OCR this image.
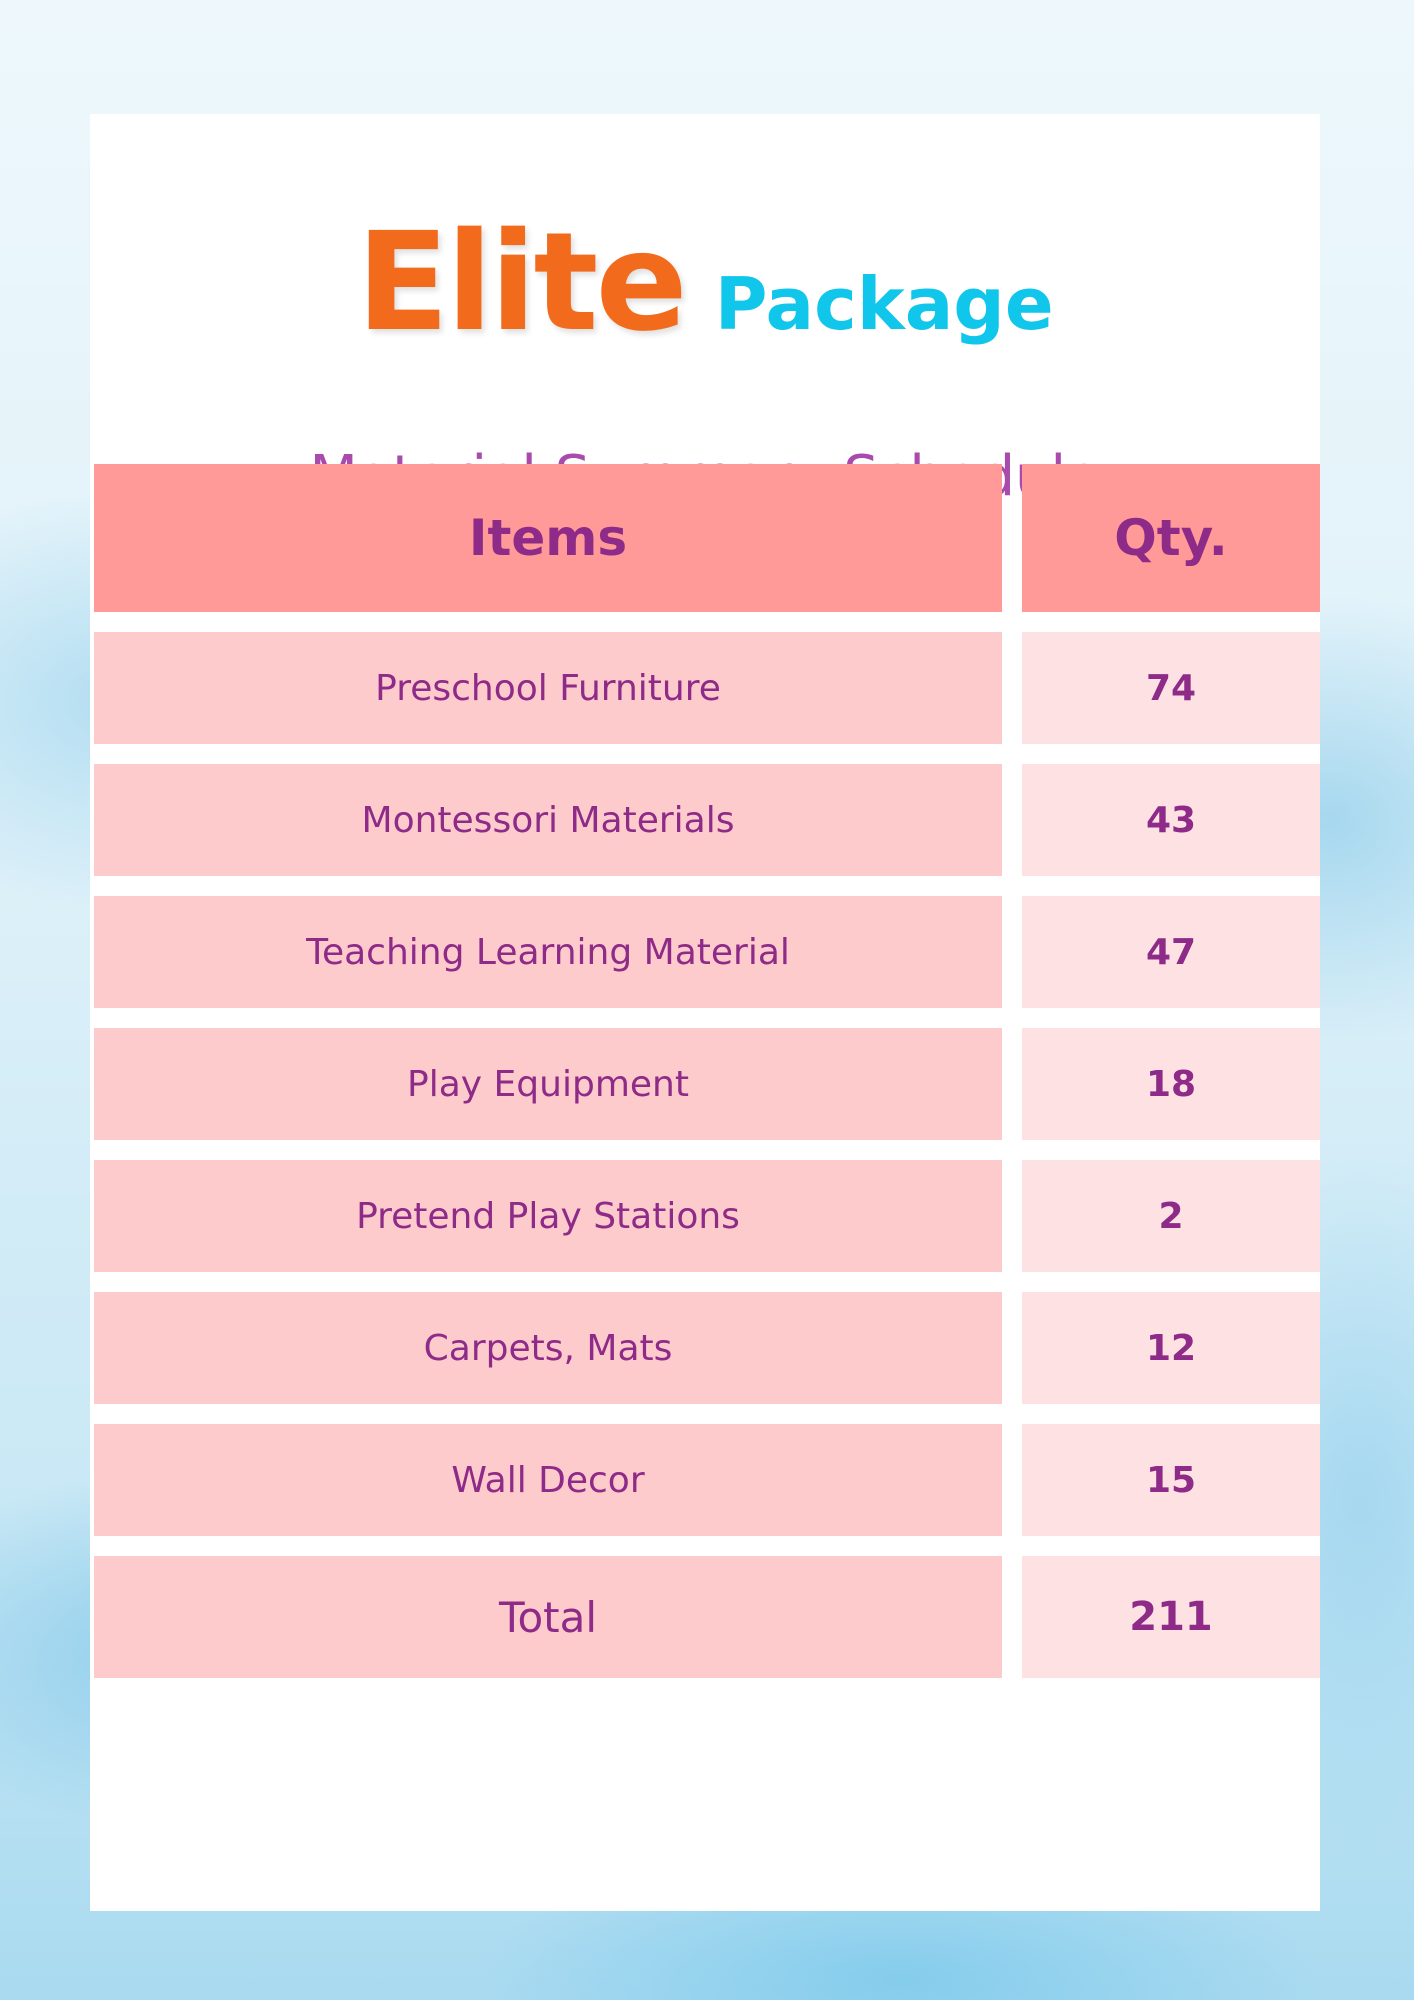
Elite Package
Items	Qty.
Preschool Furniture	74
Montessori Materials	43
Teaching Learning Material	47
Play Equipment	18
Pretend Play Stations	2
Carpets, Mats	12
Wall Decor	15
Total	211
